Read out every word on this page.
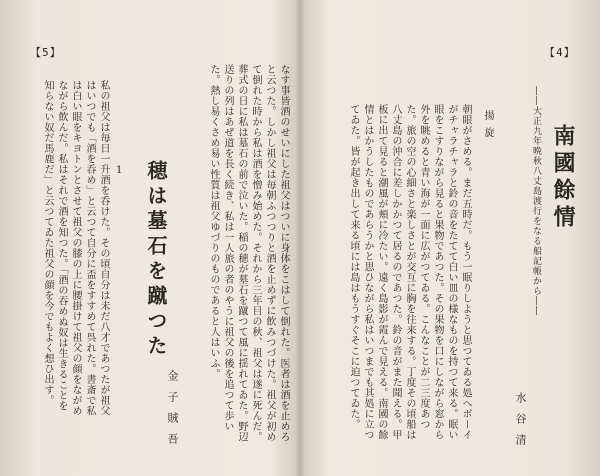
【5】
私の祖父は毎日一升酒を呑けた。その頃自分は未だ八才であつたが祖父はいつでも「酒を呑め」と云つて自分に盃をすすめて呉れた。書斎で私は白い眼をキヨトンとさせて祖父の膝の上に腰掛けて祖父の顔をながめながら飲んだ。私はそれで酒を知つた。「酒の吞めぬ奴は生きることを知らない奴だ馬鹿だ」と云つてゐた祖父の顔を今でもよく想ひ出す。	1 穂は墓石を蹴つた
金子賊吾	なす事皆酒のせいにした祖父はついに身体をこはして倒れた。医者は酒を止めろと云つた。しかし祖父は毎朝ふつつりと酒を止めずに飲みつづけた。祖父が初めて倒れた時から私は酒を憎み始めた。それから三年目の秋、祖父は遂に死んだ。葬式の日に私は墓石の前で泣いた。稲の穂が墓石を蹴つて風に揺れてゐた。野辺送りの列はあぜ道を長く続き、私は一人旅の者のやうに祖父の後を追つて歩いた。熱し易くさめ易い性質は祖父ゆづりのものであると人はいふ。
【4】
南國餘情
――大正九年晩秋八丈島渡行をなる船記帳から――
水谷清
揚 旋
朝眼がさめる。まだ五時だ。もう一眠りしようと思つてゐる処へボーイがチャラチャラと鈴の音をたてて白い皿の様なものを持つて来る。眠い眼をこすりながら見ると果物であつた。その果物を口にしながら窓から外を眺めると青い海が一面に広がつてゐる。こんなことが二三度あつた。旅の空の心細さと楽しさとが交互に胸を往来する。丁度その頃船は八丈島の沖合に差しかかつて居るのであつた。鈴の音がまた聞える。甲板に出て見ると潮風が頬に冷たい。遠く島影が霞んで見える。南國の餘情とはかうしたものであらうかと思ひながら私はいつまでも其処に立つてゐた。皆が起き出して来る頃には島はもうすぐそこに迫つてゐた。
